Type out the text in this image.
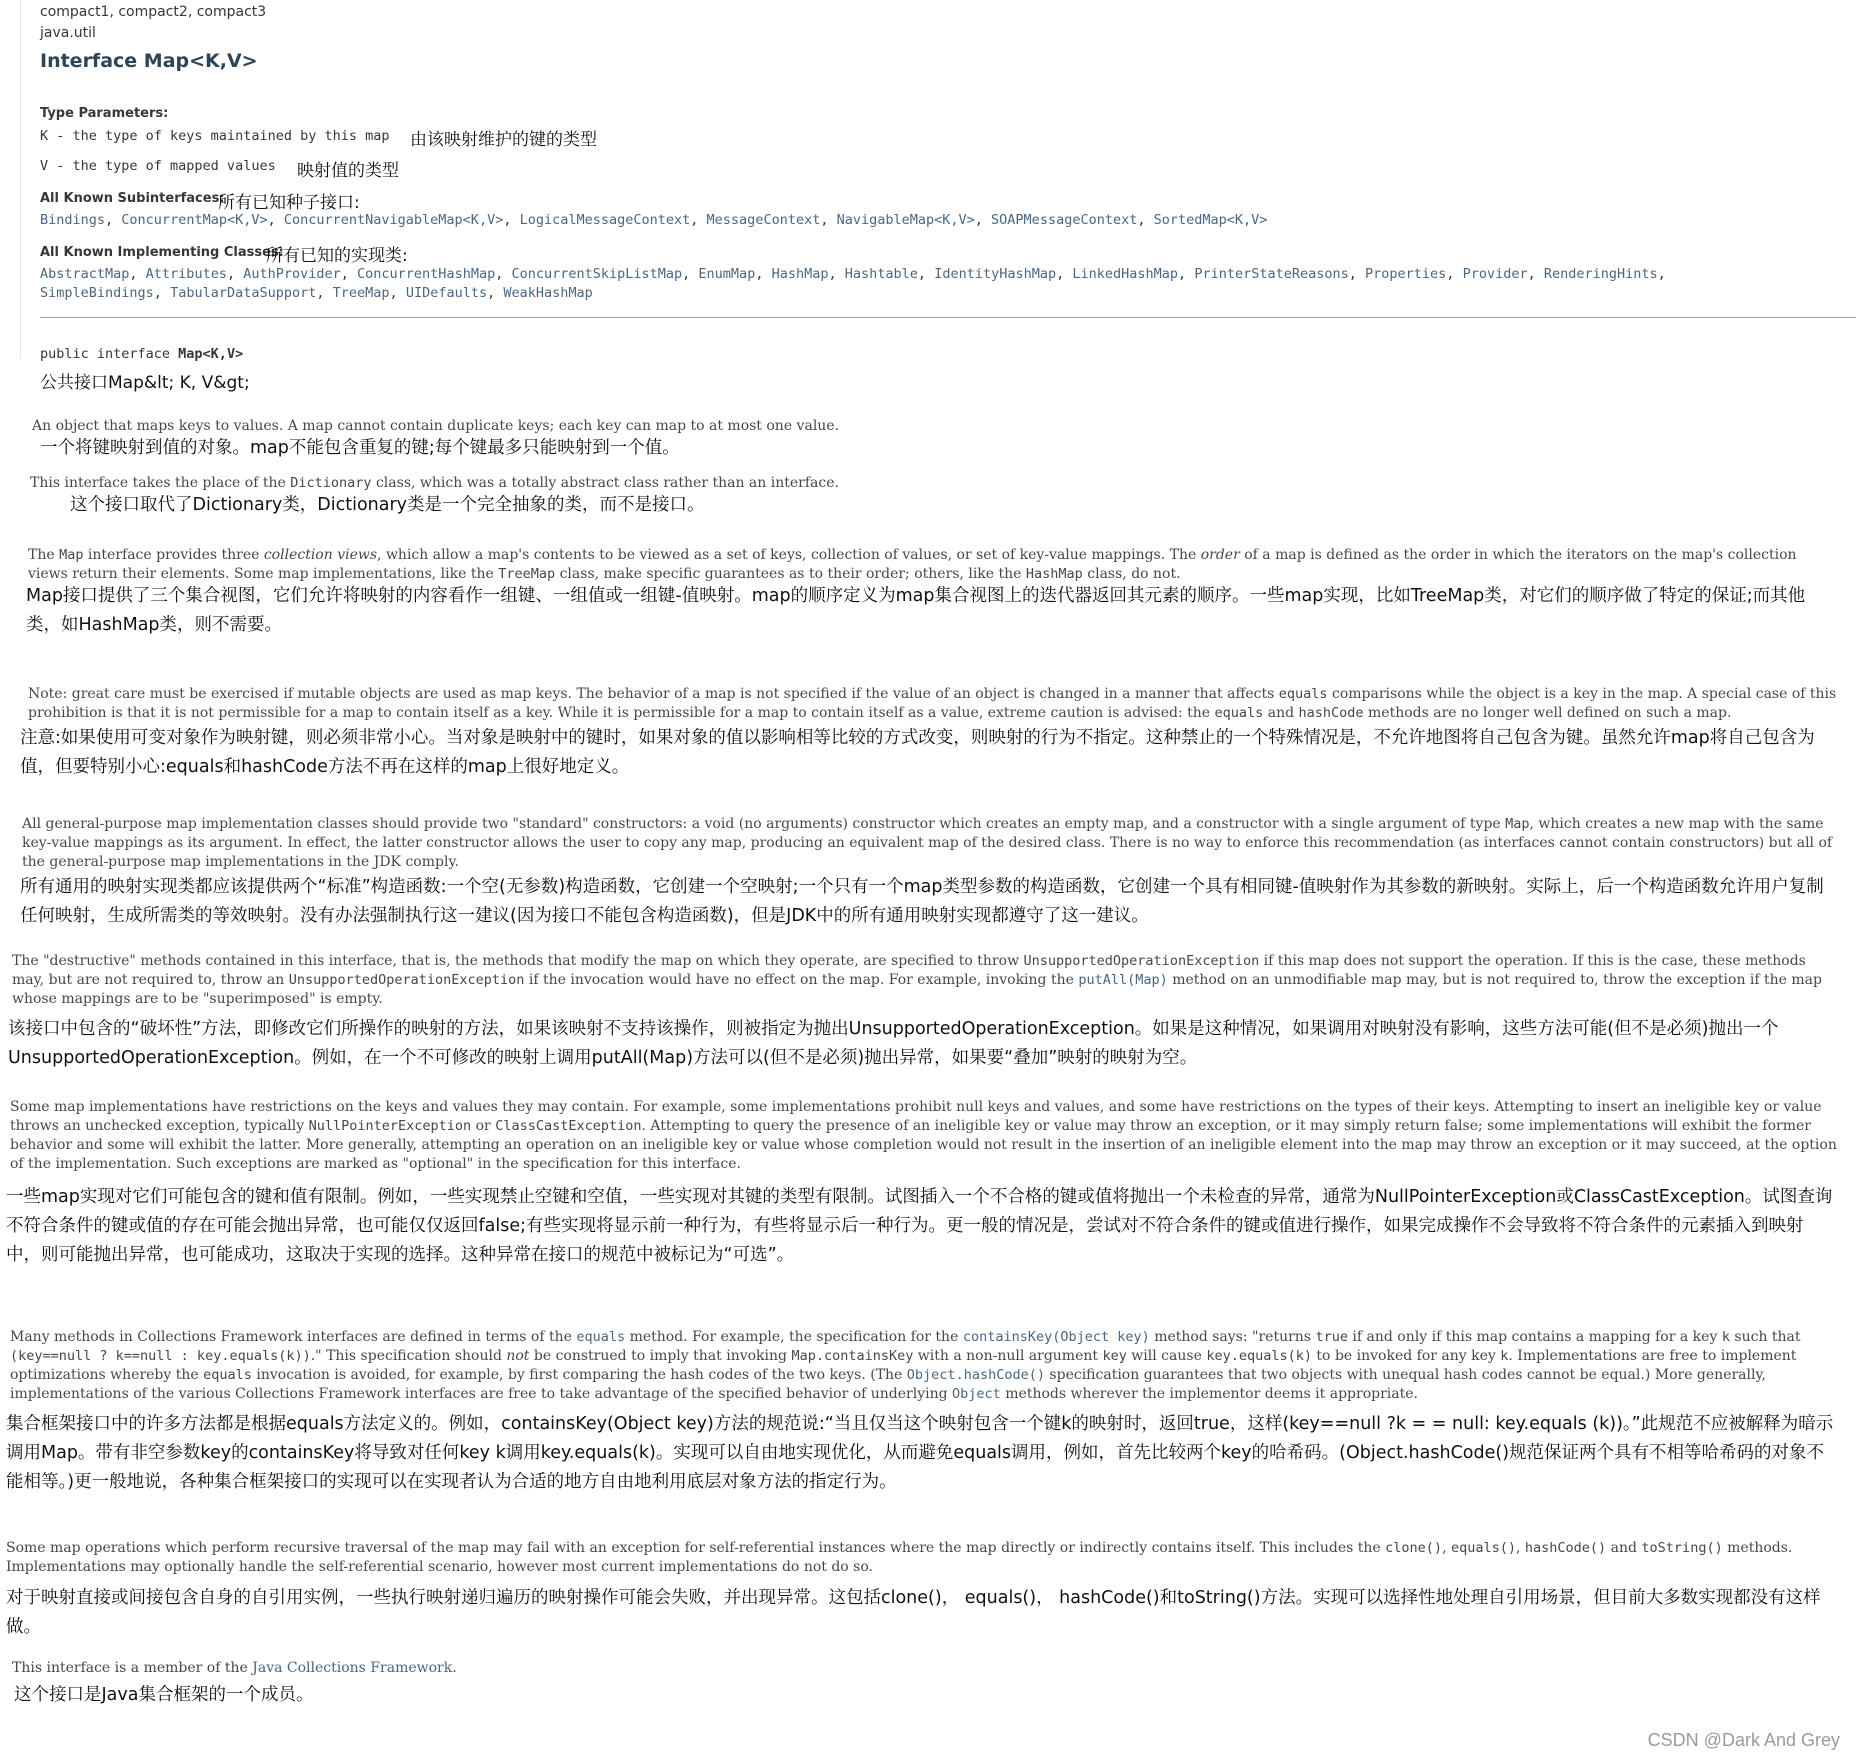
compact1, compact2, compact3
java.util
Interface Map<K,V>
Type Parameters:
K - the type of keys maintained by this map 由该映射维护的键的类型
V - the type of mapped values 映射值的类型
All Known Subinterfaces:
所有已知种子接口:
Bindings, ConcurrentMap<K,V>, ConcurrentNavigableMap<K,V>, LogicalMessageContext, MessageContext, NavigableMap<K,V>, SOAPMessageContext, SortedMap<K,V>
All Known Implementing Classes:
所有已知的实现类:
AbstractMap, Attributes, AuthProvider, ConcurrentHashMap, ConcurrentSkipListMap, EnumMap, HashMap, Hashtable, IdentityHashMap, LinkedHashMap, PrinterStateReasons, Properties, Provider, RenderingHints,
SimpleBindings, TabularDataSupport, TreeMap, UIDefaults, WeakHashMap
public interface Map<K,V>
公共接口Map&lt; K, V&gt;
An object that maps keys to values. A map cannot contain duplicate keys; each key can map to at most one value.
一个将键映射到值的对象。map不能包含重复的键;每个键最多只能映射到一个值。
This interface takes the place of the Dictionary class, which was a totally abstract class rather than an interface.
这个接口取代了Dictionary类，Dictionary类是一个完全抽象的类，而不是接口。
The Map interface provides three collection views, which allow a map's contents to be viewed as a set of keys, collection of values, or set of key-value mappings. The order of a map is defined as the order in which the iterators on the map's collection views return their elements. Some map implementations, like the TreeMap class, make specific guarantees as to their order; others, like the HashMap class, do not.
Map接口提供了三个集合视图，它们允许将映射的内容看作一组键、一组值或一组键-值映射。map的顺序定义为map集合视图上的迭代器返回其元素的顺序。一些map实现，比如TreeMap类，对它们的顺序做了特定的保证;而其他类，如HashMap类，则不需要。
Note: great care must be exercised if mutable objects are used as map keys. The behavior of a map is not specified if the value of an object is changed in a manner that affects equals comparisons while the object is a key in the map. A special case of this prohibition is that it is not permissible for a map to contain itself as a key. While it is permissible for a map to contain itself as a value, extreme caution is advised: the equals and hashCode methods are no longer well defined on such a map.
注意:如果使用可变对象作为映射键，则必须非常小心。当对象是映射中的键时，如果对象的值以影响相等比较的方式改变，则映射的行为不指定。这种禁止的一个特殊情况是，不允许地图将自己包含为键。虽然允许map将自己包含为值，但要特别小心:equals和hashCode方法不再在这样的map上很好地定义。
All general-purpose map implementation classes should provide two "standard" constructors: a void (no arguments) constructor which creates an empty map, and a constructor with a single argument of type Map, which creates a new map with the same key-value mappings as its argument. In effect, the latter constructor allows the user to copy any map, producing an equivalent map of the desired class. There is no way to enforce this recommendation (as interfaces cannot contain constructors) but all of the general-purpose map implementations in the JDK comply.
所有通用的映射实现类都应该提供两个“标准”构造函数:一个空(无参数)构造函数，它创建一个空映射;一个只有一个map类型参数的构造函数，它创建一个具有相同键-值映射作为其参数的新映射。实际上，后一个构造函数允许用户复制任何映射，生成所需类的等效映射。没有办法强制执行这一建议(因为接口不能包含构造函数)，但是JDK中的所有通用映射实现都遵守了这一建议。
The "destructive" methods contained in this interface, that is, the methods that modify the map on which they operate, are specified to throw UnsupportedOperationException if this map does not support the operation. If this is the case, these methods may, but are not required to, throw an UnsupportedOperationException if the invocation would have no effect on the map. For example, invoking the putAll(Map) method on an unmodifiable map may, but is not required to, throw the exception if the map whose mappings are to be "superimposed" is empty.
该接口中包含的“破坏性”方法，即修改它们所操作的映射的方法，如果该映射不支持该操作，则被指定为抛出UnsupportedOperationException。如果是这种情况，如果调用对映射没有影响，这些方法可能(但不是必须)抛出一个UnsupportedOperationException。例如，在一个不可修改的映射上调用putAll(Map)方法可以(但不是必须)抛出异常，如果要“叠加”映射的映射为空。
Some map implementations have restrictions on the keys and values they may contain. For example, some implementations prohibit null keys and values, and some have restrictions on the types of their keys. Attempting to insert an ineligible key or value throws an unchecked exception, typically NullPointerException or ClassCastException. Attempting to query the presence of an ineligible key or value may throw an exception, or it may simply return false; some implementations will exhibit the former behavior and some will exhibit the latter. More generally, attempting an operation on an ineligible key or value whose completion would not result in the insertion of an ineligible element into the map may throw an exception or it may succeed, at the option of the implementation. Such exceptions are marked as "optional" in the specification for this interface.
一些map实现对它们可能包含的键和值有限制。例如，一些实现禁止空键和空值，一些实现对其键的类型有限制。试图插入一个不合格的键或值将抛出一个未检查的异常，通常为NullPointerException或ClassCastException。试图查询不符合条件的键或值的存在可能会抛出异常，也可能仅仅返回false;有些实现将显示前一种行为，有些将显示后一种行为。更一般的情况是，尝试对不符合条件的键或值进行操作，如果完成操作不会导致将不符合条件的元素插入到映射中，则可能抛出异常，也可能成功，这取决于实现的选择。这种异常在接口的规范中被标记为“可选”。
Many methods in Collections Framework interfaces are defined in terms of the equals method. For example, the specification for the containsKey(Object key) method says: "returns true if and only if this map contains a mapping for a key k such that (key==null ? k==null : key.equals(k))." This specification should not be construed to imply that invoking Map.containsKey with a non-null argument key will cause key.equals(k) to be invoked for any key k. Implementations are free to implement optimizations whereby the equals invocation is avoided, for example, by first comparing the hash codes of the two keys. (The Object.hashCode() specification guarantees that two objects with unequal hash codes cannot be equal.) More generally, implementations of the various Collections Framework interfaces are free to take advantage of the specified behavior of underlying Object methods wherever the implementor deems it appropriate.
集合框架接口中的许多方法都是根据equals方法定义的。例如，containsKey(Object key)方法的规范说:“当且仅当这个映射包含一个键k的映射时，返回true，这样(key==null ?k = = null: key.equals (k))。”此规范不应被解释为暗示调用Map。带有非空参数key的containsKey将导致对任何key k调用key.equals(k)。实现可以自由地实现优化，从而避免equals调用，例如，首先比较两个key的哈希码。(Object.hashCode()规范保证两个具有不相等哈希码的对象不能相等。)更一般地说，各种集合框架接口的实现可以在实现者认为合适的地方自由地利用底层对象方法的指定行为。
Some map operations which perform recursive traversal of the map may fail with an exception for self-referential instances where the map directly or indirectly contains itself. This includes the clone(), equals(), hashCode() and toString() methods. Implementations may optionally handle the self-referential scenario, however most current implementations do not do so.
对于映射直接或间接包含自身的自引用实例，一些执行映射递归遍历的映射操作可能会失败，并出现异常。这包括clone()， equals()， hashCode()和toString()方法。实现可以选择性地处理自引用场景，但目前大多数实现都没有这样做。
This interface is a member of the Java Collections Framework.
这个接口是Java集合框架的一个成员。
CSDN @Dark And Grey
